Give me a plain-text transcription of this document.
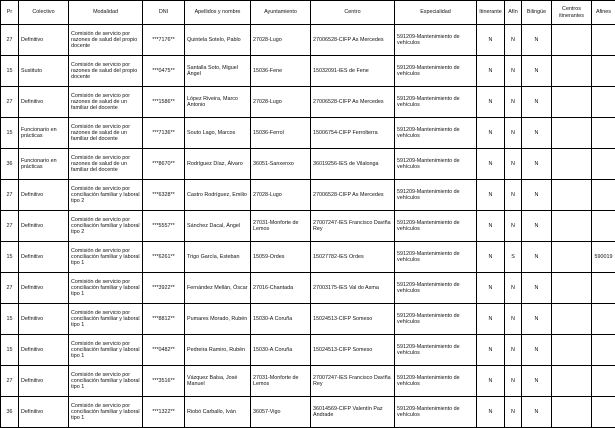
Pr	Colectivo	Modalidad	DNI	Apellidos y nombre	Ayuntamiento	Centro	Especialidad	Itinerante	Afín	Bilingüe	Centros itinerantes	Afines
27	Definitivo	Comisión de servicio por razones de salud del propio docente	***7176**	Quintela Sotelo, Pablo	27028-Lugo	27006528-CIFP As Mercedes	591209-Mantenimiento de vehículos	N	N	N		
15	Sustituto	Comisión de servicio por razones de salud del propio docente	***0475**	Santalla Soto, Miguel Ángel	15036-Fene	15032091-IES de Fene	591209-Mantenimiento de vehículos	N	N	N		
27	Definitivo	Comisión de servicio por razones de salud de un familiar del docente	***1586**	López Riveira, Marco Antonio	27028-Lugo	27006528-CIFP As Mercedes	591209-Mantenimiento de vehículos	N	N	N		
15	Funcionario en prácticas	Comisión de servicio por razones de salud de un familiar del docente	***7136**	Souto Lago, Marcos	15036-Ferrol	15006754-CIFP Ferrolterra	591209-Mantenimiento de vehículos	N	N	N		
36	Funcionario en prácticas	Comisión de servicio por razones de salud de un familiar del docente	***8670**	Rodríguez Díaz, Álvaro	36051-Sanxenxo	36019256-IES de Vilalonga	591209-Mantenimiento de vehículos	N	N	N		
27	Definitivo	Comisión de servicio por conciliación familiar y laboral tipo 2	***6328**	Castro Rodríguez, Emilio	27028-Lugo	27006528-CIFP As Mercedes	591209-Mantenimiento de vehículos	N	N	N		
27	Definitivo	Comisión de servicio por conciliación familiar y laboral tipo 2	***5557**	Sánchez Dacal, Ángel	27031-Monforte de Lemos	27007247-IES Francisco Daviña Rey	591209-Mantenimiento de vehículos	N	N	N		
15	Definitivo	Comisión de servicio por conciliación familiar y laboral tipo 1	***6261**	Trigo García, Esteban	15059-Ordes	15027782-IES Ordes	591209-Mantenimiento de vehículos	N	S	N		590019
27	Definitivo	Comisión de servicio por conciliación familiar y laboral tipo 1	***3922**	Fernández Mellán, Óscar	27016-Chantada	27003175-IES Val do Asma	591209-Mantenimiento de vehículos	N	N	N		
15	Definitivo	Comisión de servicio por conciliación familiar y laboral tipo 1	***8812**	Pumares Morado, Rubén	15030-A Coruña	15024513-CIFP Someso	591209-Mantenimiento de vehículos	N	N	N		
15	Definitivo	Comisión de servicio por conciliación familiar y laboral tipo 1	***0482**	Pedreira Ramiro, Rubén	15030-A Coruña	15024513-CIFP Someso	591209-Mantenimiento de vehículos	N	N	N		
27	Definitivo	Comisión de servicio por conciliación familiar y laboral tipo 1	***3516**	Vázquez Balsa, José Manuel	27031-Monforte de Lemos	27007247-IES Francisco Daviña Rey	591209-Mantenimiento de vehículos	N	N	N		
36	Definitivo	Comisión de servicio por conciliación familiar y laboral tipo 1	***1322**	Riobó Carballo, Iván	36057-Vigo	36014569-CIFP Valentín Paz Andrade	591209-Mantenimiento de vehículos	N	N	N		
